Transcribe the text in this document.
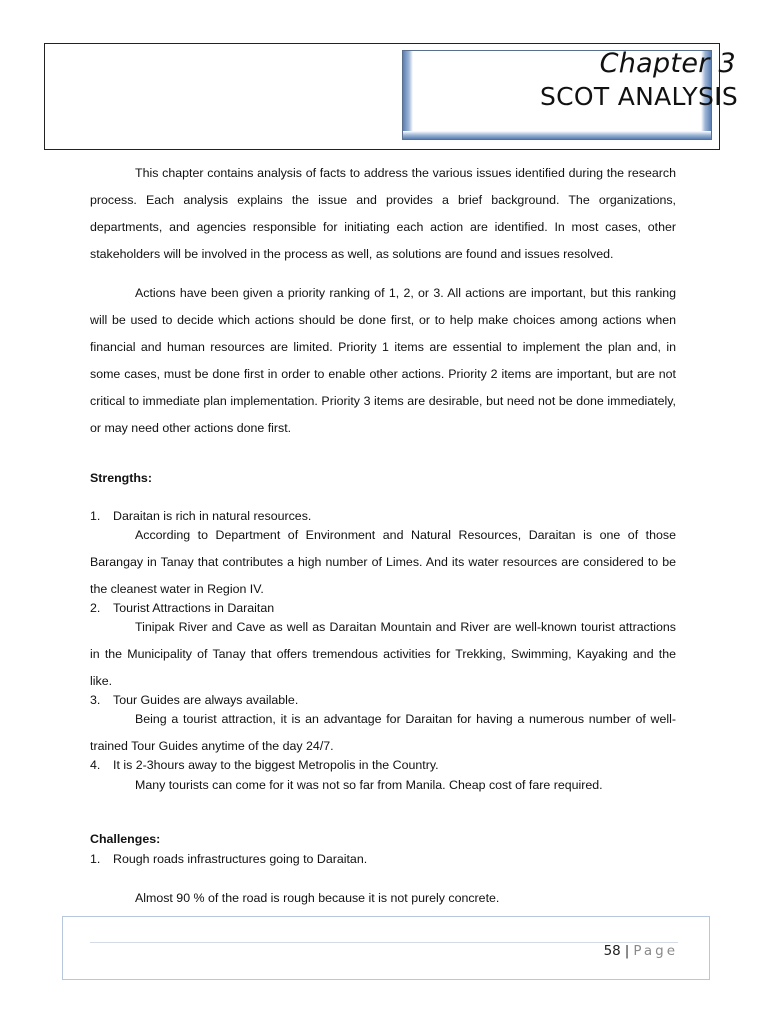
Chapter 3
SCOT ANALYSIS

This chapter contains analysis of facts to address the various issues identified during the research process. Each analysis explains the issue and provides a brief background. The organizations, departments, and agencies responsible for initiating each action are identified. In most cases, other stakeholders will be involved in the process as well, as solutions are found and issues resolved.

Actions have been given a priority ranking of 1, 2, or 3. All actions are important, but this ranking will be used to decide which actions should be done first, or to help make choices among actions when financial and human resources are limited. Priority 1 items are essential to implement the plan and, in some cases, must be done first in order to enable other actions. Priority 2 items are important, but are not critical to immediate plan implementation. Priority 3 items are desirable, but need not be done immediately, or may need other actions done first.

Strengths:

1. Daraitan is rich in natural resources.

According to Department of Environment and Natural Resources, Daraitan is one of those Barangay in Tanay that contributes a high number of Limes. And its water resources are considered to be the cleanest water in Region IV.

2. Tourist Attractions in Daraitan

Tinipak River and Cave as well as Daraitan Mountain and River are well-known tourist attractions in the Municipality of Tanay that offers tremendous activities for Trekking, Swimming, Kayaking and the like.

3. Tour Guides are always available.

Being a tourist attraction, it is an advantage for Daraitan for having a numerous number of well-trained Tour Guides anytime of the day 24/7.

4. It is 2-3hours away to the biggest Metropolis in the Country.

Many tourists can come for it was not so far from Manila. Cheap cost of fare required.

Challenges:

1. Rough roads infrastructures going to Daraitan.

Almost 90 % of the road is rough because it is not purely concrete.

58 | Page
